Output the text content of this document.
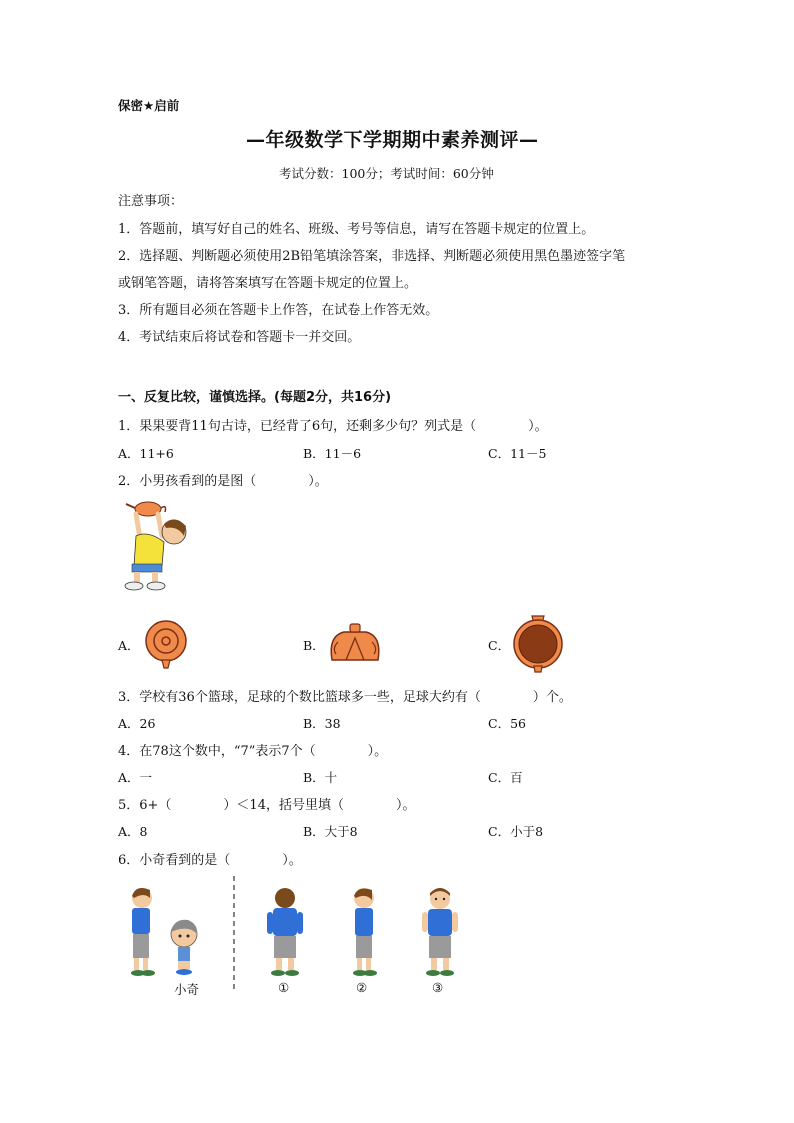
保密★启前
—年级数学下学期期中素养测评—
考试分数：100分；考试时间：60分钟
注意事项：
1．答题前，填写好自己的姓名、班级、考号等信息，请写在答题卡规定的位置上。
2．选择题、判断题必须使用2B铅笔填涂答案，非选择、判断题必须使用黑色墨迹签字笔
或钢笔答题，请将答案填写在答题卡规定的位置上。
3．所有题目必须在答题卡上作答，在试卷上作答无效。
4．考试结束后将试卷和答题卡一并交回。
一、反复比较，谨慎选择。(每题2分，共16分)
1．果果要背11句古诗，已经背了6句，还剩多少句？列式是（　　　　）。
A．11+6	B．11－6	C．11－5
2．小男孩看到的是图（　　　　）。
A．	B．	C．
3．学校有36个篮球，足球的个数比篮球多一些，足球大约有（　　　　）个。
A．26	B．38	C．56
4．在78这个数中，“7”表示7个（　　　　）。
A．一	B．十	C．百
5．6+（　　　　）＜14，括号里填（　　　　）。
A．8	B．大于8	C．小于8
6．小奇看到的是（　　　　）。
小奇	①	②	③
